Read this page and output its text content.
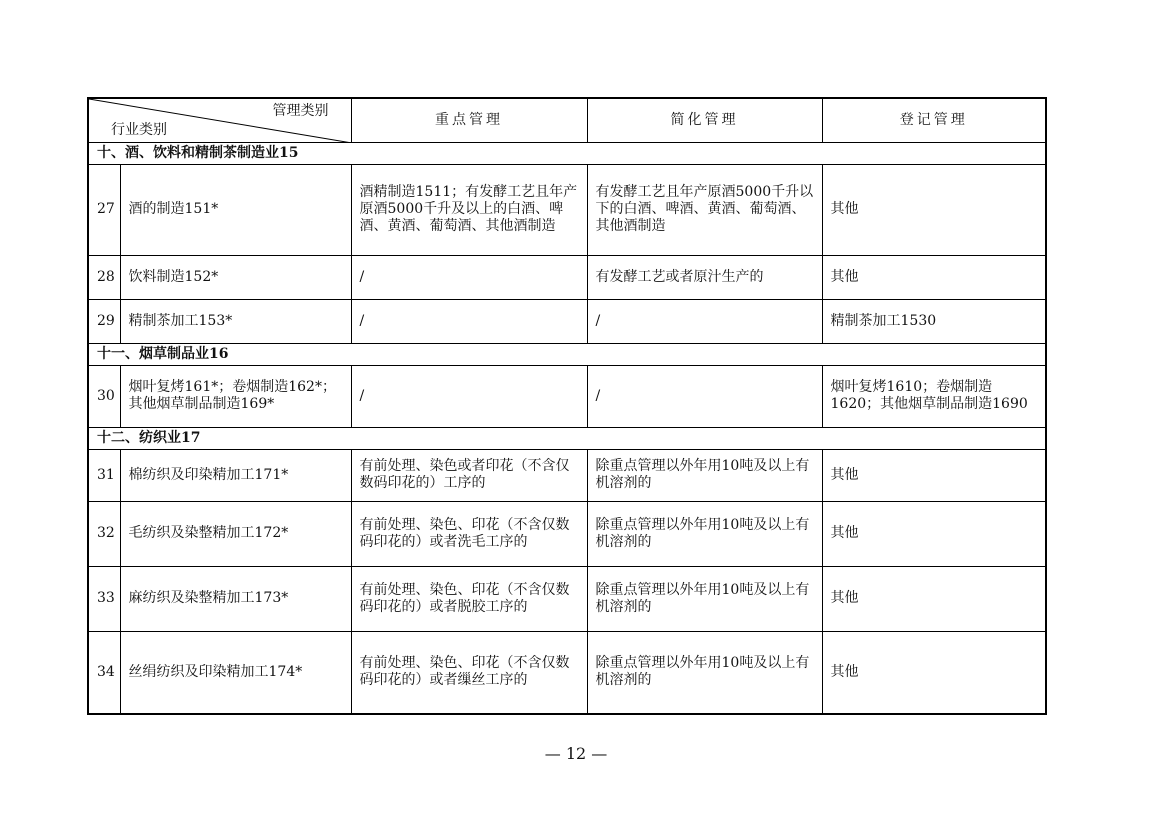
管理类别
行业类别		重点管理	简化管理	登记管理
十、酒、饮料和精制茶制造业15				
27	酒的制造151*	酒精制造1511；有发酵工艺且年产原酒5000千升及以上的白酒、啤酒、黄酒、葡萄酒、其他酒制造	有发酵工艺且年产原酒5000千升以下的白酒、啤酒、黄酒、葡萄酒、其他酒制造	其他
28	饮料制造152*	/	有发酵工艺或者原汁生产的	其他
29	精制茶加工153*	/	/	精制茶加工1530
十一、烟草制品业16				
30	烟叶复烤161*；卷烟制造162*；其他烟草制品制造169*	/	/	烟叶复烤1610；卷烟制造1620；其他烟草制品制造1690
十二、纺织业17				
31	棉纺织及印染精加工171*	有前处理、染色或者印花（不含仅数码印花的）工序的	除重点管理以外年用10吨及以上有机溶剂的	其他
32	毛纺织及染整精加工172*	有前处理、染色、印花（不含仅数码印花的）或者洗毛工序的	除重点管理以外年用10吨及以上有机溶剂的	其他
33	麻纺织及染整精加工173*	有前处理、染色、印花（不含仅数码印花的）或者脱胶工序的	除重点管理以外年用10吨及以上有机溶剂的	其他
34	丝绢纺织及印染精加工174*	有前处理、染色、印花（不含仅数码印花的）或者缫丝工序的	除重点管理以外年用10吨及以上有机溶剂的	其他
— 12 —
